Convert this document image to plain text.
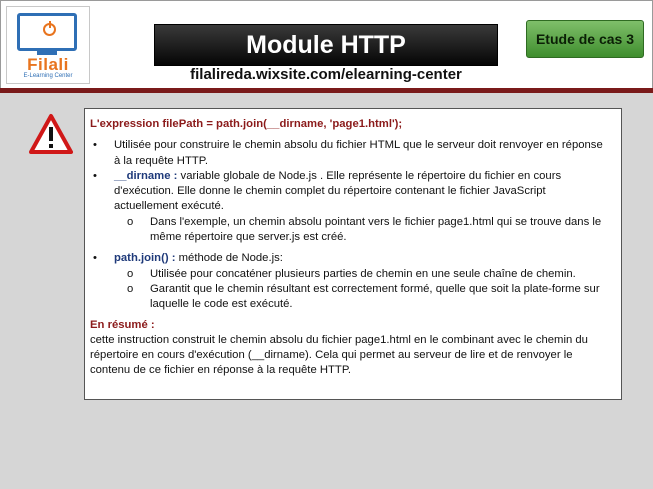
Filali
E-Learning Center
Module HTTP	Etude de cas 3
filalireda.wixsite.com/elearning-center
L'expression filePath = path.join(__dirname, 'page1.html');
• Utilisée pour construire le chemin absolu du fichier HTML que le serveur doit renvoyer en réponse à la requête HTTP.
• __dirname : variable globale de Node.js . Elle représente le répertoire du fichier en cours d'exécution. Elle donne le chemin complet du répertoire contenant le fichier JavaScript actuellement exécuté.
o Dans l'exemple, un chemin absolu pointant vers le fichier page1.html qui se trouve dans le même répertoire que server.js est créé.
• path.join() : méthode de Node.js:
o Utilisée pour concaténer plusieurs parties de chemin en une seule chaîne de chemin.
o Garantit que le chemin résultant est correctement formé, quelle que soit la plate-forme sur laquelle le code est exécuté.
En résumé :
cette instruction construit le chemin absolu du fichier page1.html en le combinant avec le chemin du répertoire en cours d'exécution (__dirname). Cela qui permet au serveur de lire et de renvoyer le contenu de ce fichier en réponse à la requête HTTP.
